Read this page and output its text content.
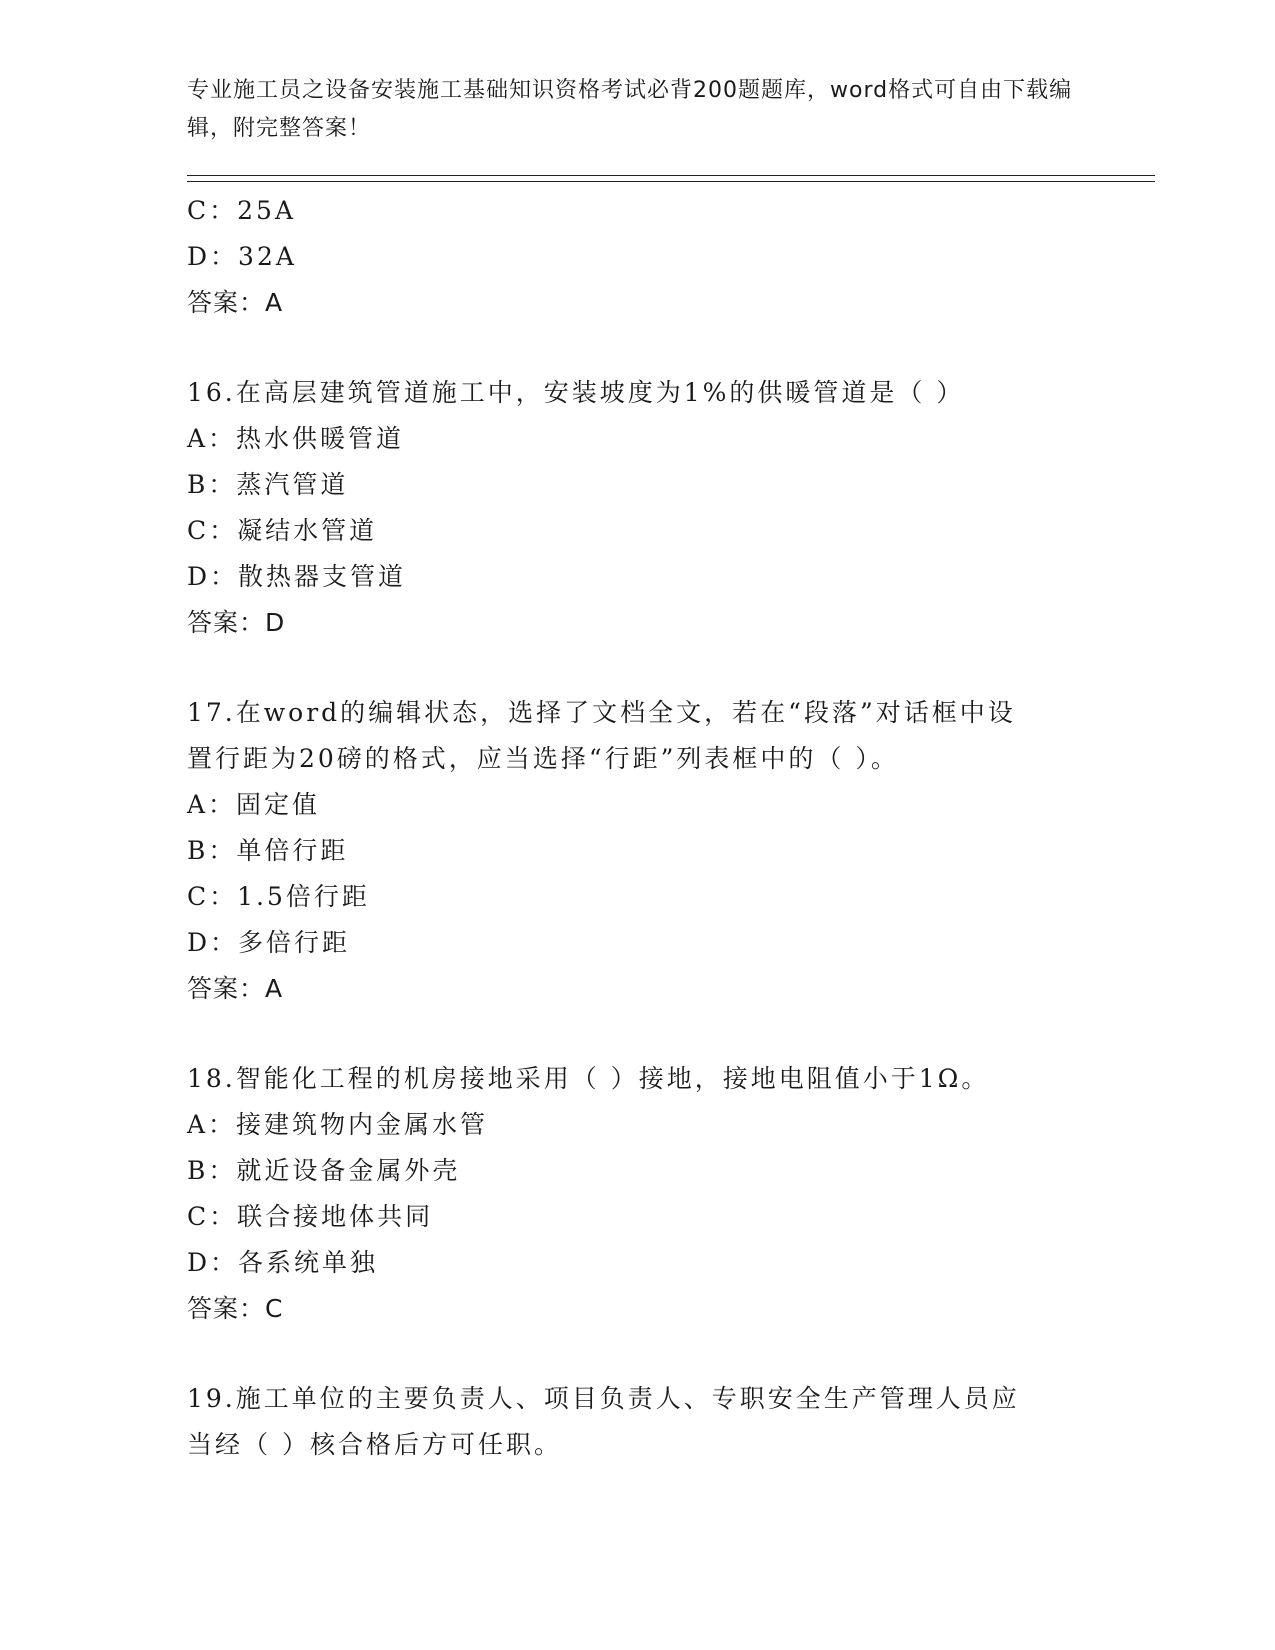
专业施工员之设备安装施工基础知识资格考试必背200题题库，word格式可自由下载编辑，附完整答案！
C：25A
D：32A
答案：A
16.在高层建筑管道施工中，安装坡度为1%的供暖管道是（ ）
A：热水供暖管道
B：蒸汽管道
C：凝结水管道
D：散热器支管道
答案：D
17.在word的编辑状态，选择了文档全文，若在“段落”对话框中设置行距为20磅的格式，应当选择“行距”列表框中的（ ）。
A：固定值
B：单倍行距
C：1.5倍行距
D：多倍行距
答案：A
18.智能化工程的机房接地采用（ ）接地，接地电阻值小于1Ω。
A：接建筑物内金属水管
B：就近设备金属外壳
C：联合接地体共同
D：各系统单独
答案：C
19.施工单位的主要负责人、项目负责人、专职安全生产管理人员应当经（ ）核合格后方可任职。
